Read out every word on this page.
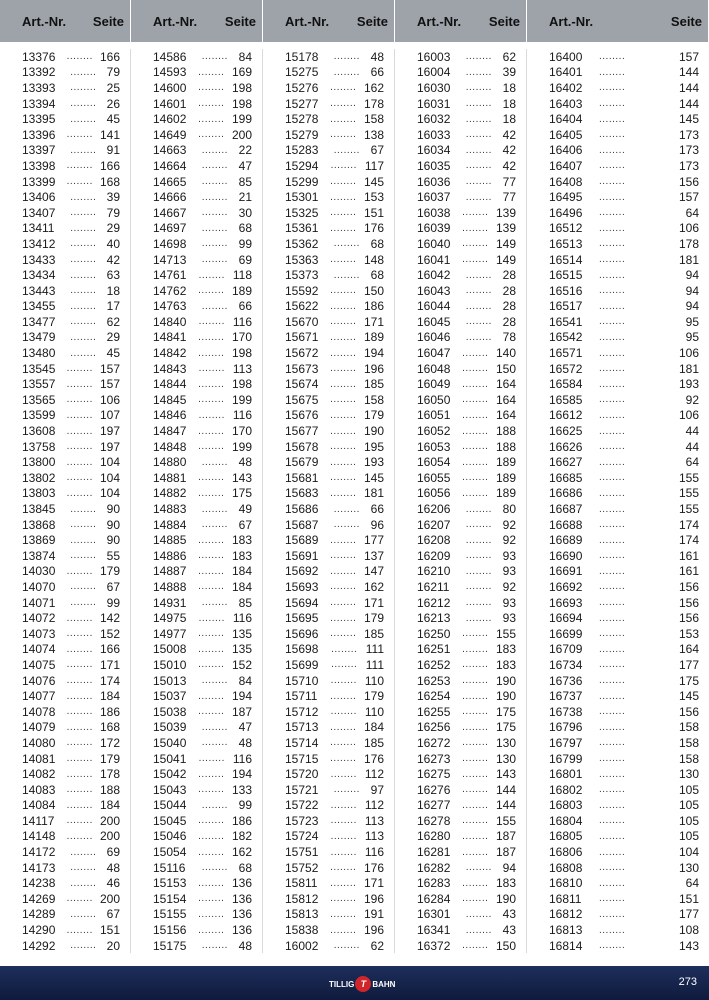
Art.-Nr. Seite Art.-Nr. Seite Art.-Nr. Seite Art.-Nr. Seite Art.-Nr.	Seite
13376	........ 166
13392	........ 79
13393	........ 25
13394	........ 26
13395	........ 45
13396	........ 141
13397	........ 91
13398	........ 166
13399	........ 168
13406	........ 39
13407	........ 79
13411	........ 29
13412	........ 40
13433	........ 42
13434	........ 63
13443	........ 18
13455	........ 17
13477	........ 62
13479	........ 29
13480	........ 45
13545	........ 157
13557	........ 157
13565	........ 106
13599	........ 107
13608	........ 197
13758	........ 197
13800	........ 104
13802	........ 104
13803	........ 104
13845	........ 90
13868	........ 90
13869	........ 90
13874	........ 55
14030	........ 179
14070	........ 67
14071	........ 99
14072	........ 142
14073	........ 152
14074	........ 166
14075	........ 171
14076	........ 174
14077	........ 184
14078	........ 186
14079	........ 168
14080	........ 172
14081	........ 179
14082	........ 178
14083	........ 188
14084	........ 184
14117	........ 200
14148	........ 200
14172	........ 69
14173	........ 48
14238	........ 46
14269	........ 200
14289	........ 67
14290	........ 151
14292	........ 20
14586	........ 84
14593	........ 169
14600	........ 198
14601	........ 198
14602	........ 199
14649	........ 200
14663	........ 22
14664	........ 47
14665	........ 85
14666	........ 21
14667	........ 30
14697	........ 68
14698	........ 99
14713	........ 69
14761	........ 118
14762	........ 189
14763	........ 66
14840	........ 116
14841	........ 170
14842	........ 198
14843	........ 113
14844	........ 198
14845	........ 199
14846	........ 116
14847	........ 170
14848	........ 199
14880	........ 48
14881	........ 143
14882	........ 175
14883	........ 49
14884	........ 67
14885	........ 183
14886	........ 183
14887	........ 184
14888	........ 184
14931	........ 85
14975	........ 116
14977	........ 135
15008	........ 135
15010	........ 152
15013	........ 84
15037	........ 194
15038	........ 187
15039	........ 47
15040	........ 48
15041	........ 116
15042	........ 194
15043	........ 133
15044	........ 99
15045	........ 186
15046	........ 182
15054	........ 162
15116	........ 68
15153	........ 136
15154	........ 136
15155	........ 136
15156	........ 136
15175	........ 48
15178	........ 48
15275	........ 66
15276	........ 162
15277	........ 178
15278	........ 158
15279	........ 138
15283	........ 67
15294	........ 117
15299	........ 145
15301	........ 153
15325	........ 151
15361	........ 176
15362	........ 68
15363	........ 148
15373	........ 68
15592	........ 150
15622	........ 186
15670	........ 171
15671	........ 189
15672	........ 194
15673	........ 196
15674	........ 185
15675	........ 158
15676	........ 179
15677	........ 190
15678	........ 195
15679	........ 193
15681	........ 145
15683	........ 181
15686	........ 66
15687	........ 96
15689	........ 177
15691	........ 137
15692	........ 147
15693	........ 162
15694	........ 171
15695	........ 179
15696	........ 185
15698	........ 111
15699	........ 111
15710	........ 110
15711	........ 179
15712	........ 110
15713	........ 184
15714	........ 185
15715	........ 176
15720	........ 112
15721	........ 97
15722	........ 112
15723	........ 113
15724	........ 113
15751	........ 116
15752	........ 176
15811	........ 171
15812	........ 196
15813	........ 191
15838	........ 196
16002	........ 62
16003	........ 62
16004	........ 39
16030	........ 18
16031	........ 18
16032	........ 18
16033	........ 42
16034	........ 42
16035	........ 42
16036	........ 77
16037	........ 77
16038	........ 139
16039	........ 139
16040	........ 149
16041	........ 149
16042	........ 28
16043	........ 28
16044	........ 28
16045	........ 28
16046	........ 78
16047	........ 140
16048	........ 150
16049	........ 164
16050	........ 164
16051	........ 164
16052	........ 188
16053	........ 188
16054	........ 189
16055	........ 189
16056	........ 189
16206	........ 80
16207	........ 92
16208	........ 92
16209	........ 93
16210	........ 93
16211	........ 92
16212	........ 93
16213	........ 93
16250	........ 155
16251	........ 183
16252	........ 183
16253	........ 190
16254	........ 190
16255	........ 175
16256	........ 175
16272	........ 130
16273	........ 130
16275	........ 143
16276	........ 144
16277	........ 144
16278	........ 155
16280	........ 187
16281	........ 187
16282	........ 94
16283	........ 183
16284	........ 190
16301	........ 43
16341	........ 43
16372	........ 150
16400	........	157
16401	........	144
16402	........	144
16403	........	144
16404	........	145
16405	........	173
16406	........	173
16407	........	173
16408	........	156
16495	........	157
16496	........	64
16512	........	106
16513	........	178
16514	........	181
16515	........	94
16516	........	94
16517	........	94
16541	........	95
16542	........	95
16571	........	106
16572	........	181
16584	........	193
16585	........	92
16612	........	106
16625	........	44
16626	........	44
16627	........	64
16685	........	155
16686	........	155
16687	........	155
16688	........	174
16689	........	174
16690	........	161
16691	........	161
16692	........	156
16693	........	156
16694	........	156
16699	........	153
16709	........	164
16734	........	177
16736	........	175
16737	........	145
16738	........	156
16796	........	158
16797	........	158
16799	........	158
16801	........	130
16802	........	105
16803	........	105
16804	........	105
16805	........	105
16806	........	104
16808	........	130
16810	........	64
16811	........	151
16812	........	177
16813	........	108
16814	........	143
TILLIG T BAHN	273
